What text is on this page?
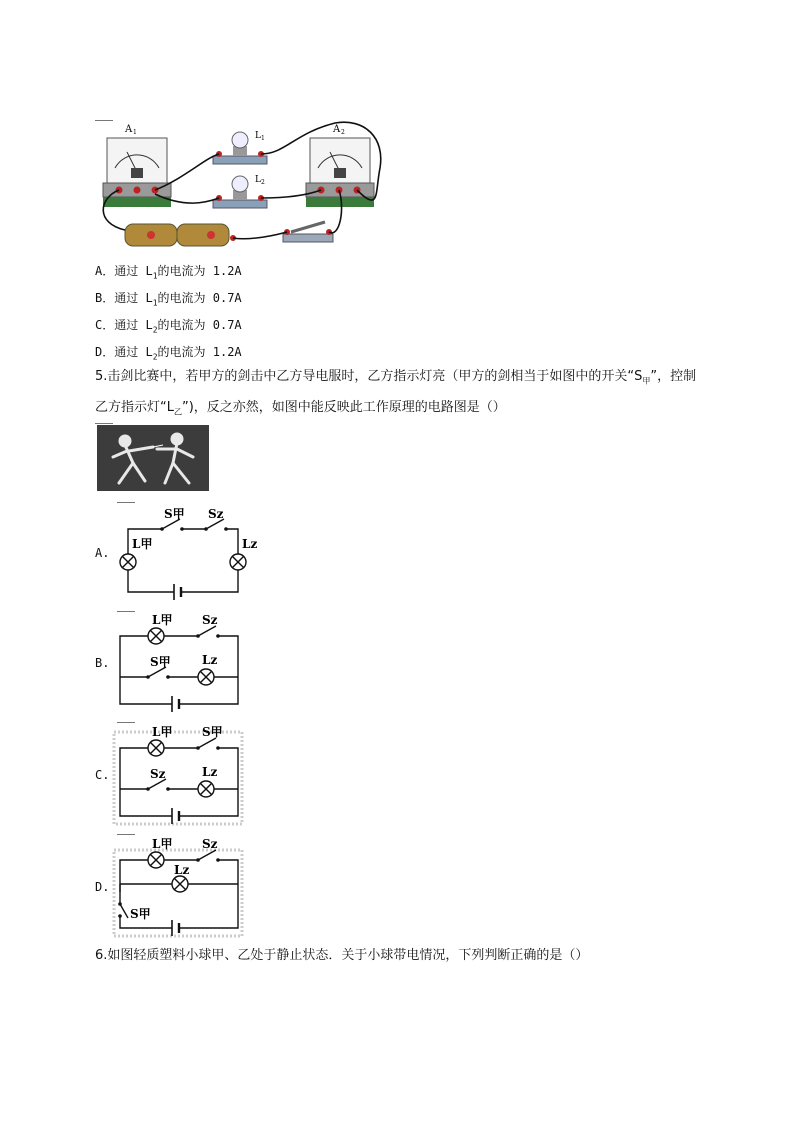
A 1	A 2
L 1
L 2
A．通过 $L_1$的电流为 1.2A
B．通过 $L_1$的电流为 0.7A
C．通过 $L_2$的电流为 0.7A
D．通过 $L_2$的电流为 1.2A
5.击剑比赛中，若甲方的剑击中乙方导电服时，乙方指示灯亮（甲方的剑相当于如图中的开关“$S_甲$”，控制乙方指示灯“$L_乙$”)，反之亦然，如图中能反映此工作原理的电路图是（）
A.
S甲 Sz
L甲	Lz
B.
L甲 Sz
S甲	Lz
C.
L甲 S甲
Sz	Lz
D.
L甲 Sz
Lz
S甲
6.如图轻质塑料小球甲、乙处于静止状态．关于小球带电情况，下列判断正确的是（）
